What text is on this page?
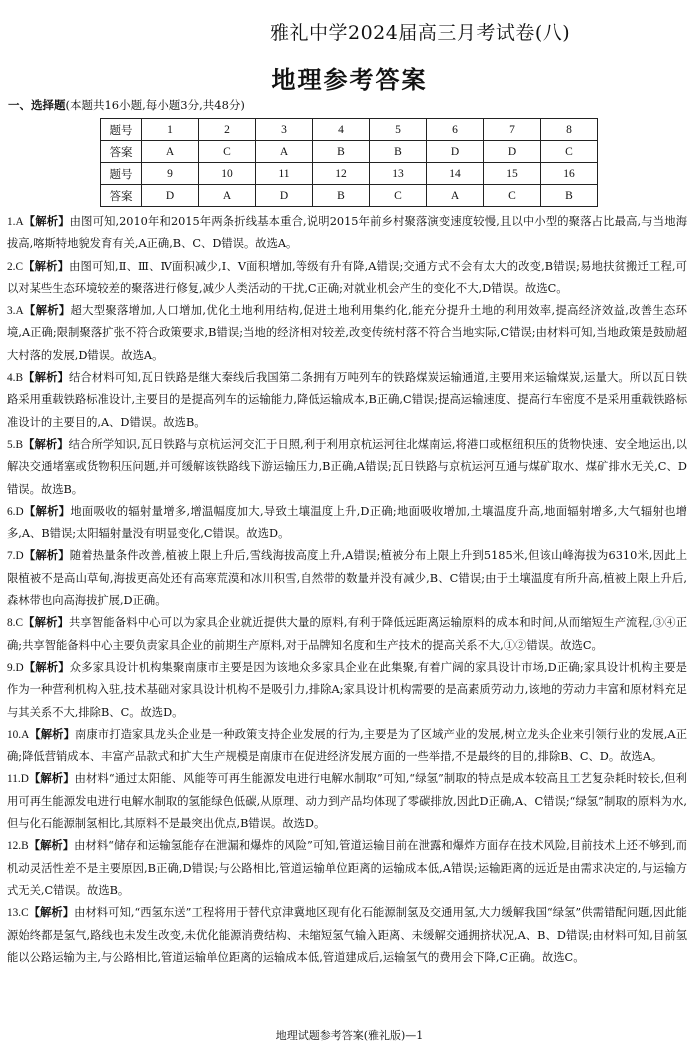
雅礼中学2024届高三月考试卷(八)
地理参考答案
一、选择题(本题共16小题,每小题3分,共48分)
题号	1	2	3	4	5	6	7	8
答案	A	C	A	B	B	D	D	C
题号	9	10	11	12	13	14	15	16
答案	D	A	D	B	C	A	C	B

1.A【解析】由图可知,2010年和2015年两条折线基本重合,说明2015年前乡村聚落演变速度较慢,且以中小型的聚落占比最高,与当地海拔高,喀斯特地貌发育有关,A正确,B、C、D错误。故选A。

2.C【解析】由图可知,Ⅱ、Ⅲ、Ⅳ面积减少,Ⅰ、Ⅴ面积增加,等级有升有降,A错误;交通方式不会有太大的改变,B错误;易地扶贫搬迁工程,可以对某些生态环境较差的聚落进行修复,减少人类活动的干扰,C正确;对就业机会产生的变化不大,D错误。故选C。

3.A【解析】超大型聚落增加,人口增加,优化土地利用结构,促进土地利用集约化,能充分提升土地的利用效率,提高经济效益,改善生态环境,A正确;限制聚落扩张不符合政策要求,B错误;当地的经济相对较差,改变传统村落不符合当地实际,C错误;由材料可知,当地政策是鼓励超大村落的发展,D错误。故选A。

4.B【解析】结合材料可知,瓦日铁路是继大秦线后我国第二条拥有万吨列车的铁路煤炭运输通道,主要用来运输煤炭,运量大。所以瓦日铁路采用重载铁路标准设计,主要目的是提高列车的运输能力,降低运输成本,B正确,C错误;提高运输速度、提高行车密度不是采用重载铁路标准设计的主要目的,A、D错误。故选B。

5.B【解析】结合所学知识,瓦日铁路与京杭运河交汇于日照,利于利用京杭运河往北煤南运,将港口或枢纽积压的货物快速、安全地运出,以解决交通堵塞或货物积压问题,并可缓解该铁路线下游运输压力,B正确,A错误;瓦日铁路与京杭运河互通与煤矿取水、煤矿排水无关,C、D错误。故选B。

6.D【解析】地面吸收的辐射量增多,增温幅度加大,导致土壤温度上升,D正确;地面吸收增加,土壤温度升高,地面辐射增多,大气辐射也增多,A、B错误;太阳辐射量没有明显变化,C错误。故选D。

7.D【解析】随着热量条件改善,植被上限上升后,雪线海拔高度上升,A错误;植被分布上限上升到5185米,但该山峰海拔为6310米,因此上限植被不是高山草甸,海拔更高处还有高寒荒漠和冰川积雪,自然带的数量并没有减少,B、C错误;由于土壤温度有所升高,植被上限上升后,森林带也向高海拔扩展,D正确。

8.C【解析】共享智能备料中心可以为家具企业就近提供大量的原料,有利于降低远距离运输原料的成本和时间,从而缩短生产流程,③④正确;共享智能备料中心主要负责家具企业的前期生产原料,对于品牌知名度和生产技术的提高关系不大,①②错误。故选C。

9.D【解析】众多家具设计机构集聚南康市主要是因为该地众多家具企业在此集聚,有着广阔的家具设计市场,D正确;家具设计机构主要是作为一种营利机构入驻,技术基础对家具设计机构不是吸引力,排除A;家具设计机构需要的是高素质劳动力,该地的劳动力丰富和原材料充足与其关系不大,排除B、C。故选D。

10.A【解析】南康市打造家具龙头企业是一种政策支持企业发展的行为,主要是为了区域产业的发展,树立龙头企业来引领行业的发展,A正确;降低营销成本、丰富产品款式和扩大生产规模是南康市在促进经济发展方面的一些举措,不是最终的目的,排除B、C、D。故选A。

11.D【解析】由材料“通过太阳能、风能等可再生能源发电进行电解水制取”可知,“绿氢”制取的特点是成本较高且工艺复杂耗时较长,但利用可再生能源发电进行电解水制取的氢能绿色低碳,从原理、动力到产品均体现了零碳排放,因此D正确,A、C错误;“绿氢”制取的原料为水,但与化石能源制氢相比,其原料不是最突出优点,B错误。故选D。

12.B【解析】由材料“储存和运输氢能存在泄漏和爆炸的风险”可知,管道运输目前在泄露和爆炸方面存在技术风险,目前技术上还不够到,而机动灵活性差不是主要原因,B正确,D错误;与公路相比,管道运输单位距离的运输成本低,A错误;运输距离的远近是由需求决定的,与运输方式无关,C错误。故选B。

13.C【解析】由材料可知,“西氢东送”工程将用于替代京津冀地区现有化石能源制氢及交通用氢,大力缓解我国“绿氢”供需错配问题,因此能源始终都是氢气,路线也未发生改变,未优化能源消费结构、未缩短氢气输入距离、未缓解交通拥挤状况,A、B、D错误;由材料可知,目前氢能以公路运输为主,与公路相比,管道运输单位距离的运输成本低,管道建成后,运输氢气的费用会下降,C正确。故选C。

地理试题参考答案(雅礼版)—1
